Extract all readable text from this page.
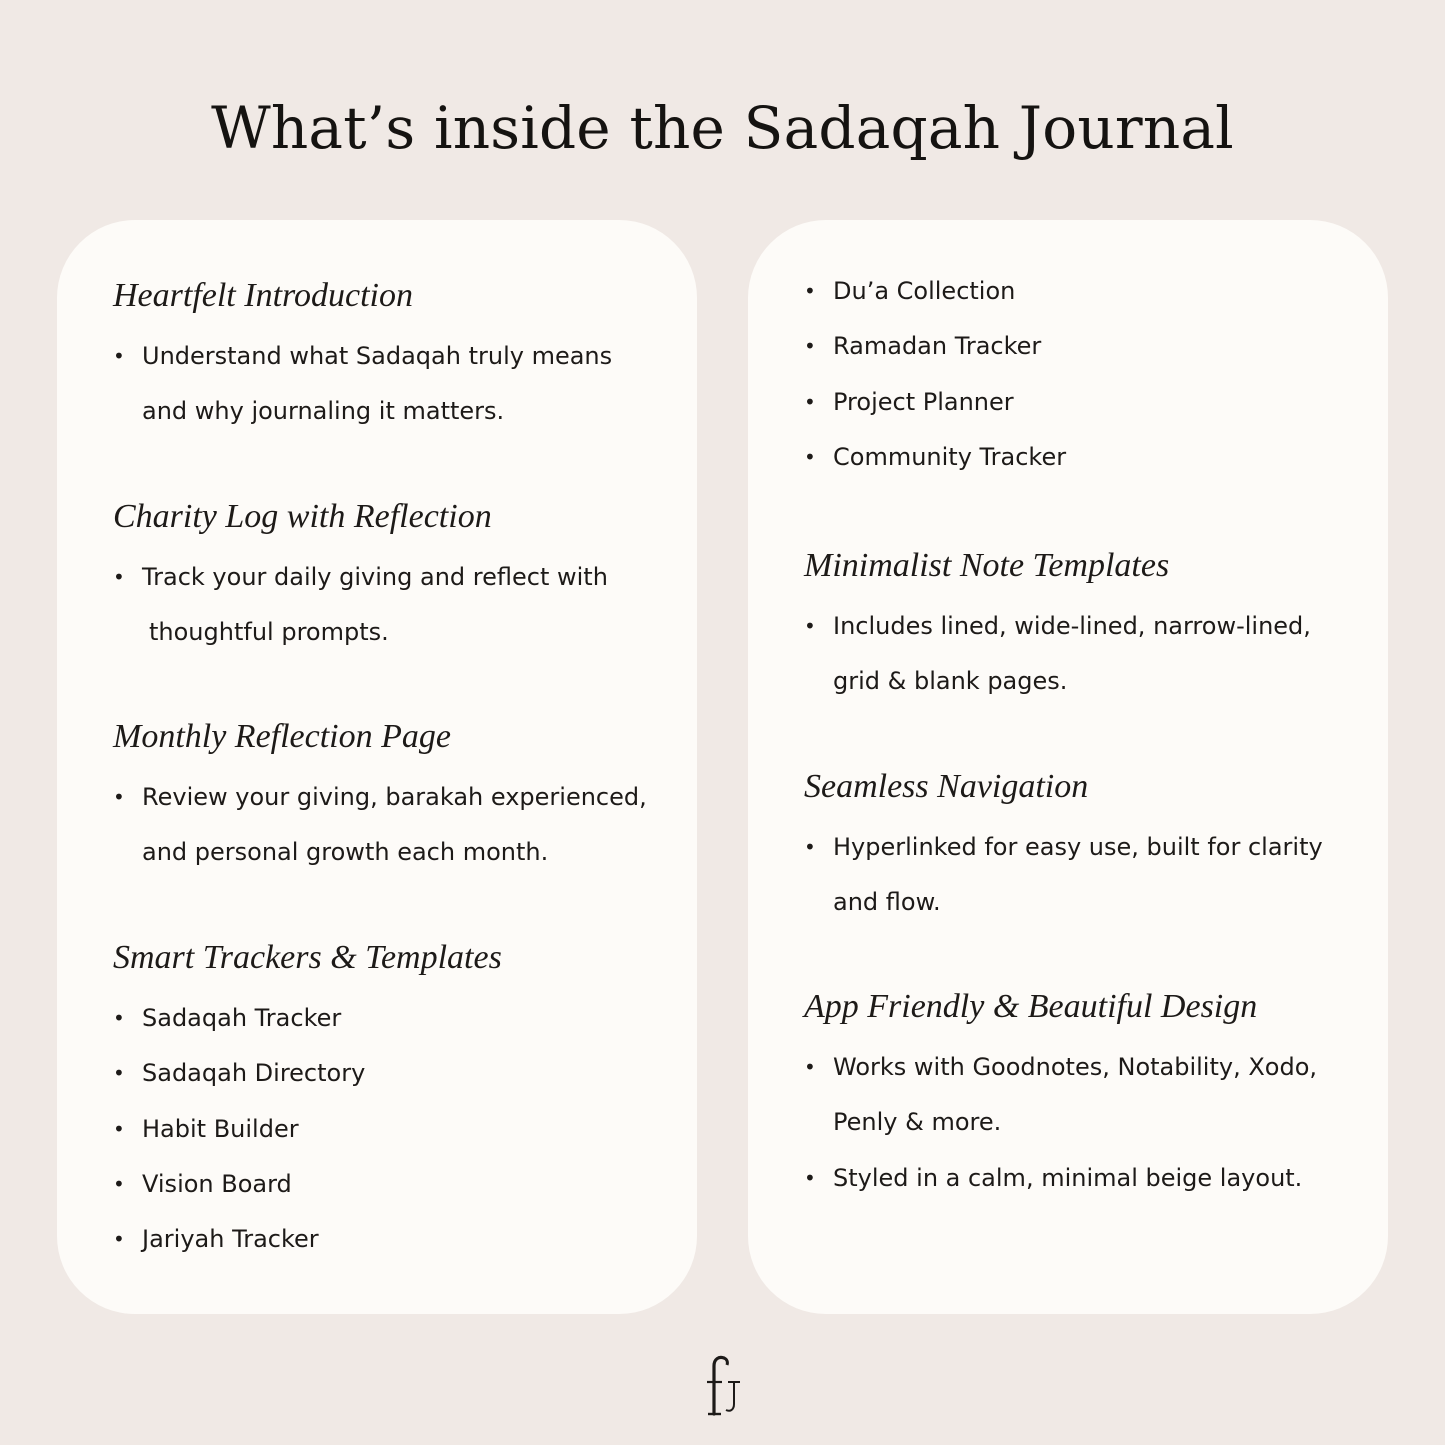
What’s inside the Sadaqah Journal
Heartfelt Introduction
• Understand what Sadaqah truly means
and why journaling it matters.
Charity Log with Reflection
• Track your daily giving and reflect with
thoughtful prompts.
Monthly Reflection Page
• Review your giving, barakah experienced,
and personal growth each month.
Smart Trackers & Templates
• Sadaqah Tracker
• Sadaqah Directory
• Habit Builder
• Vision Board
• Jariyah Tracker
• Du’a Collection
• Ramadan Tracker
• Project Planner
• Community Tracker
Minimalist Note Templates
• Includes lined, wide-lined, narrow-lined,
grid & blank pages.
Seamless Navigation
• Hyperlinked for easy use, built for clarity
and flow.
App Friendly & Beautiful Design
• Works with Goodnotes, Notability, Xodo,
Penly & more.
• Styled in a calm, minimal beige layout.
